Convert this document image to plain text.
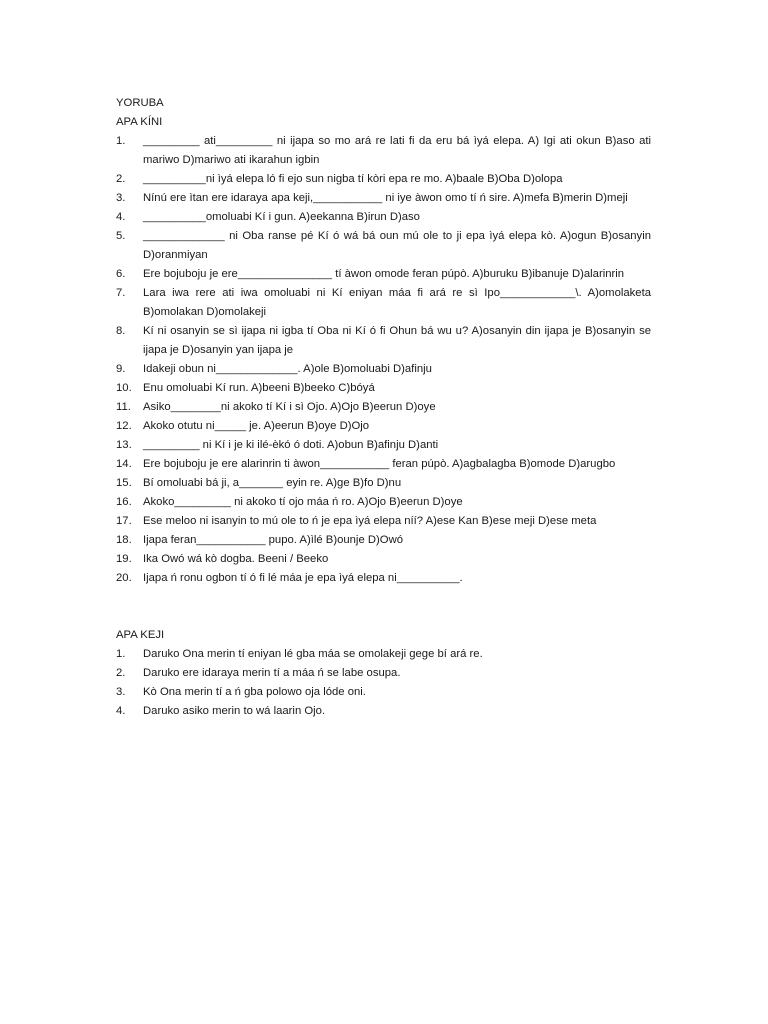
YORUBA
APA KÍNI
1. _________ ati_________ ni ijapa so mo ará re lati fi da eru bá ìyá elepa. A) Igi ati okun B)aso ati mariwo D)mariwo ati ikarahun igbin
2. __________ni ìyá elepa ló fi ejo sun nigba tí kòri epa re mo. A)baale B)Oba D)olopa
3. Nínú ere ìtan ere idaraya apa keji,___________ ni iye àwon omo tí ń sire. A)mefa B)merin D)meji
4. __________omoluabi Kí i gun. A)eekanna B)irun D)aso
5. _____________ ni Oba ranse pé Kí ó wá bá oun mú ole to ji epa ìyá elepa kò. A)ogun B)osanyin D)oranmiyan
6. Ere bojuboju je ere_______________ tí àwon omode feran púpò. A)buruku B)ibanuje D)alarinrin
7. Lara iwa rere ati iwa omoluabi ni Kí eniyan máa fi ará re sì Ipo____________\. A)omolaketa B)omolakan D)omolakeji
8. Kí ni osanyin se sì ijapa ni igba tí Oba ni Kí ó fi Ohun bá wu u? A)osanyin din ijapa je B)osanyin se ijapa je D)osanyin yan ijapa je
9. Idakeji obun ni_____________. A)ole B)omoluabi D)afinju
10. Enu omoluabi Kí run. A)beeni B)beeko C)bóyá
11. Asiko________ni akoko tí Kí i sì Ojo. A)Ojo B)eerun D)oye
12. Akoko otutu ni_____ je. A)eerun B)oye D)Ojo
13. _________ ni Kí i je ki ilé-èkó ó doti. A)obun B)afinju D)anti
14. Ere bojuboju je ere alarinrin ti àwon___________ feran púpò. A)agbalagba B)omode D)arugbo
15. Bí omoluabi bá ji, a_______ eyin re. A)ge B)fo D)nu
16. Akoko_________ ni akoko tí ojo máa ń ro. A)Ojo B)eerun D)oye
17. Ese meloo ni isanyin to mú ole to ń je epa ìyá elepa níí? A)ese Kan B)ese meji D)ese meta
18. Ijapa feran___________ pupo. A)ìlé B)ounje D)Owó
19. Ika Owó wá kò dogba. Beeni / Beeko
20. Ijapa ń ronu ogbon tí ó fi lé máa je epa ìyá elepa ni__________.
APA KEJI
1. Daruko Ona merin tí eniyan lé gba máa se omolakeji gege bí ará re.
2. Daruko ere idaraya merin tí a máa ń se labe osupa.
3. Kò Ona merin tí a ń gba polowo oja lóde oni.
4. Daruko asiko merin to wá laarin Ojo.
